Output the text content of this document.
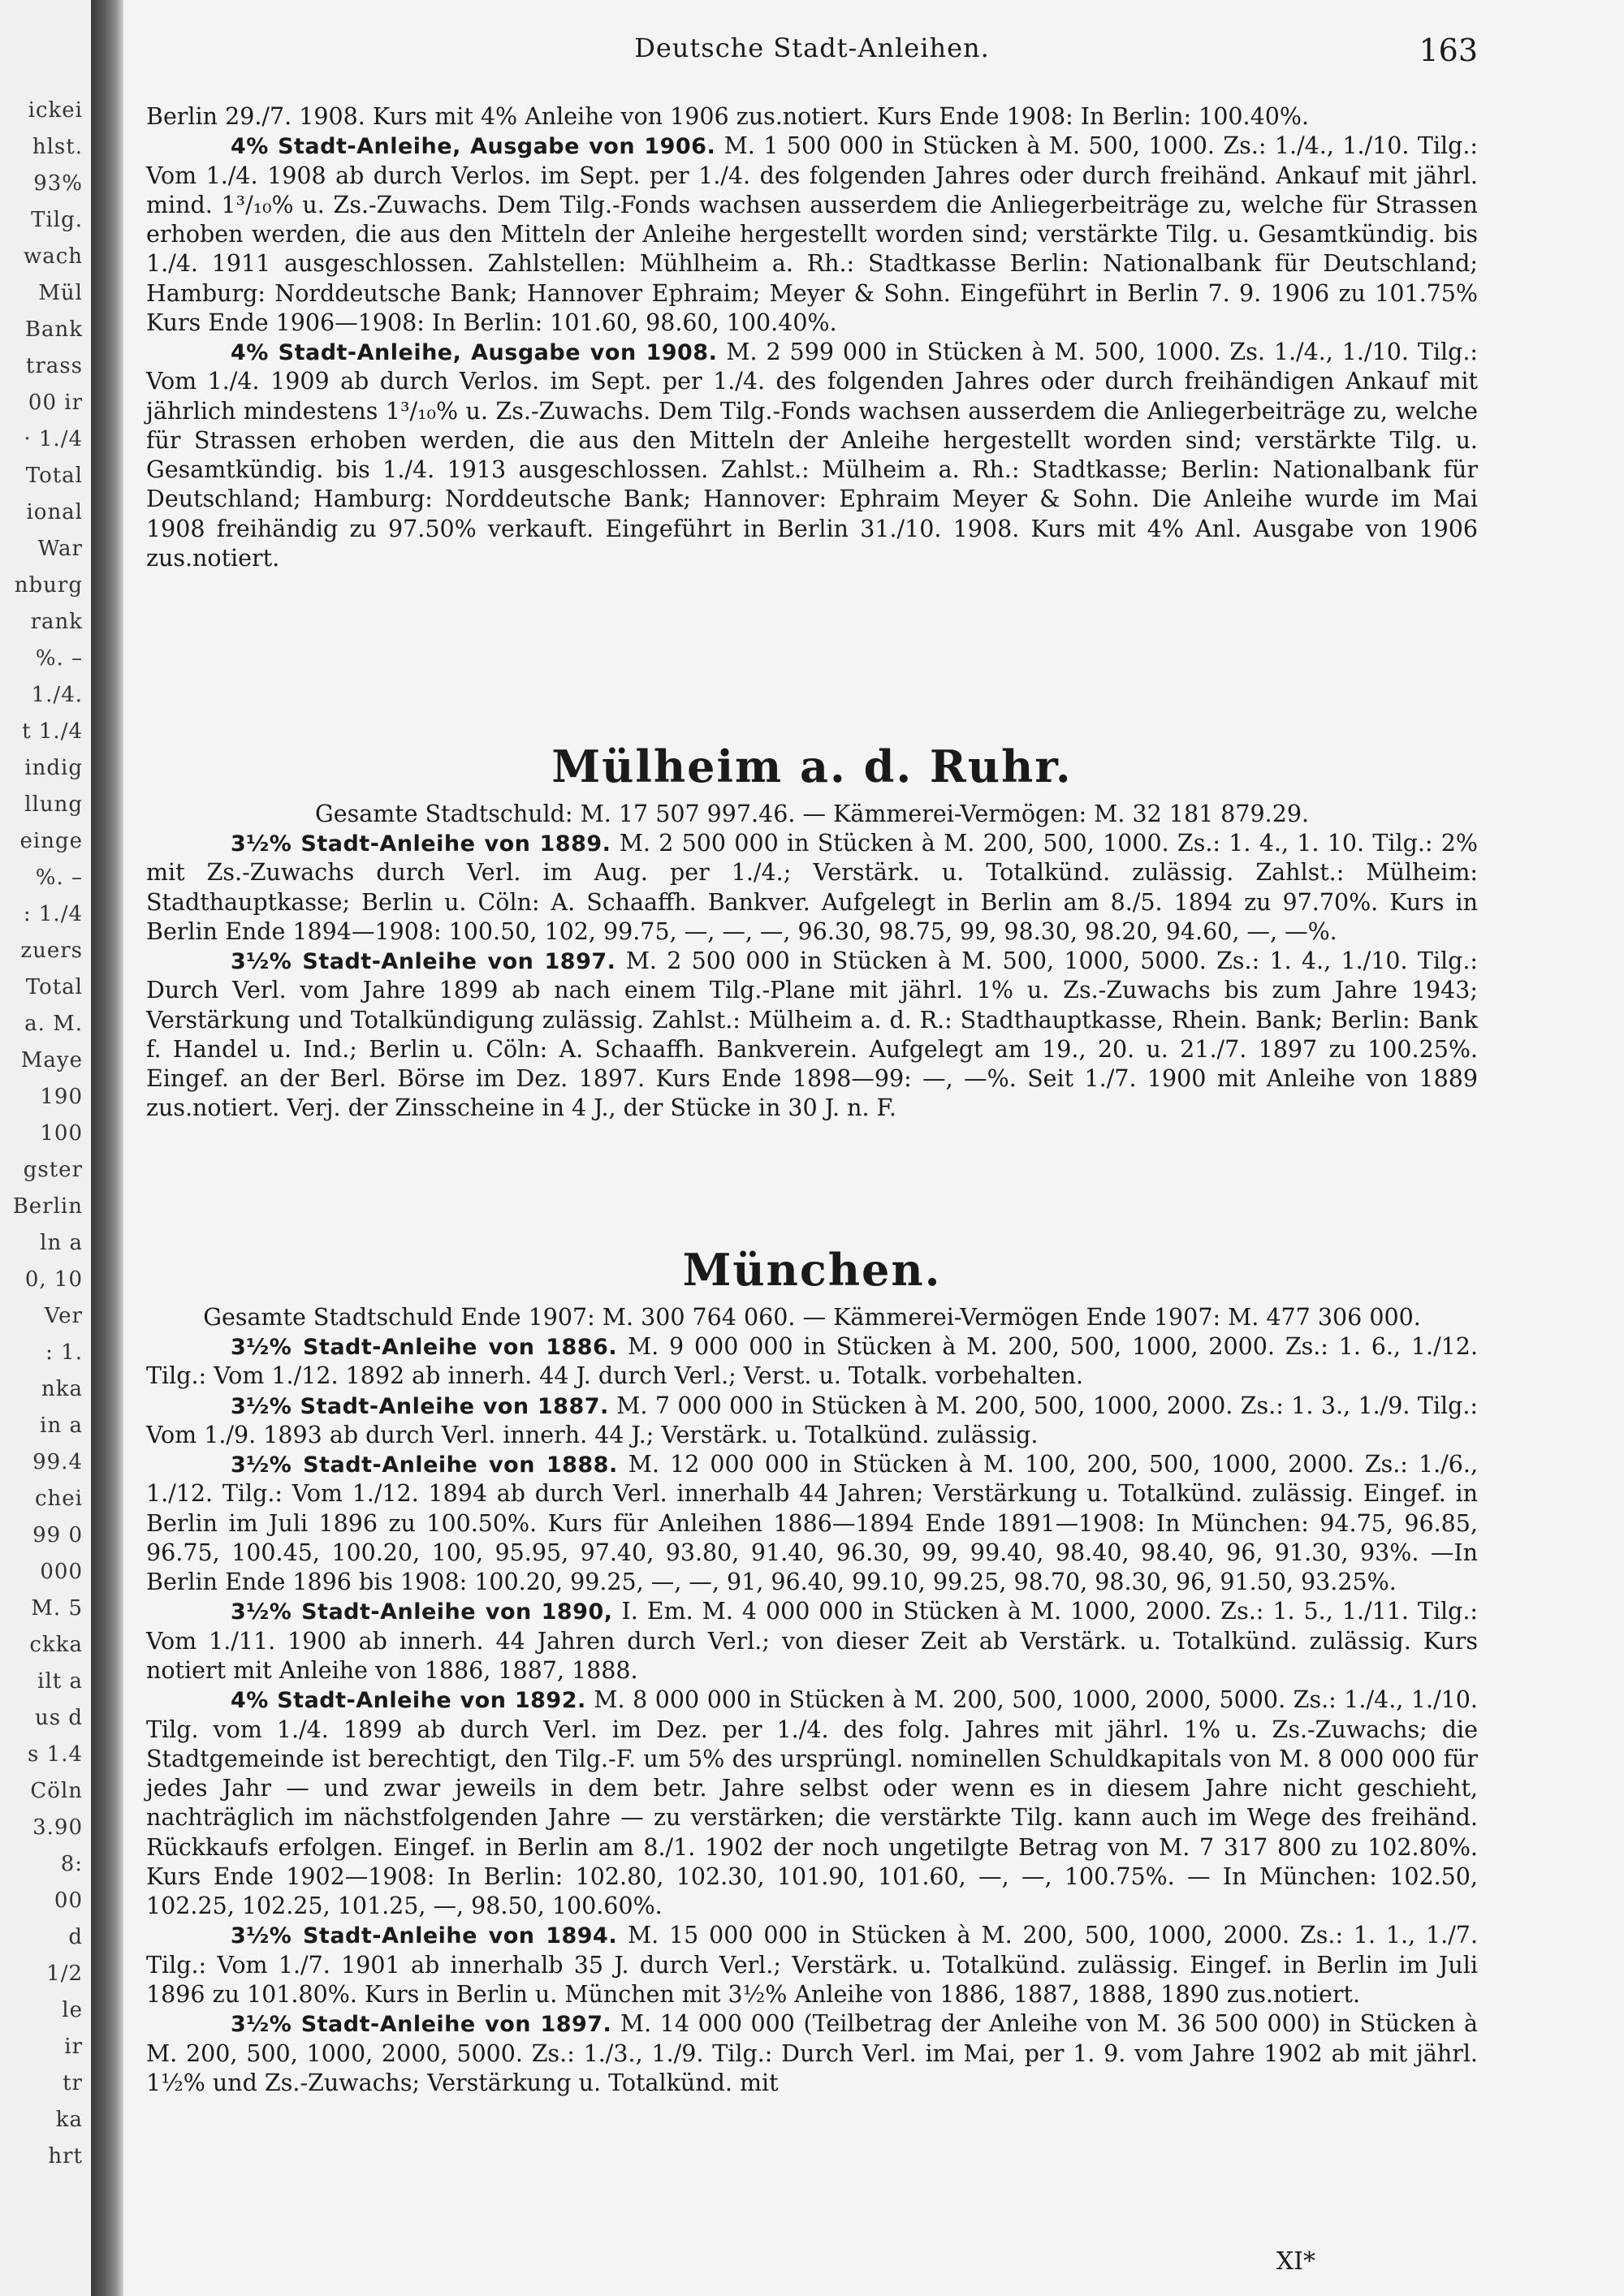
ickei
hlst.
93%
Tilg.
wach
Mül
Bank
trass
00 ir
· 1./4
Total
ional
War
nburg
rank
%. –
1./4.
t 1./4
indig
llung
einge
%. –
: 1./4
zuers
Total
a. M.
Maye
190
100
gster
Berlin
ln a
0, 10
Ver
: 1.
nka
in a
99.4
chei
99 0
000
M. 5
ckka
ilt a
us d
s 1.4
Cöln
3.90
8:
00
d
1/2
le
ir
tr
ka
hrt
Deutsche Stadt-Anleihen.	163

Berlin 29./7. 1908. Kurs mit 4% Anleihe von 1906 zus.notiert. Kurs Ende 1908: In Berlin: 100.40%.

4% Stadt-Anleihe, Ausgabe von 1906. M. 1 500 000 in Stücken à M. 500, 1000. Zs.: 1./4., 1./10. Tilg.: Vom 1./4. 1908 ab durch Verlos. im Sept. per 1./4. des folgenden Jahres oder durch freihänd. Ankauf mit jährl. mind. 1³/₁₀% u. Zs.-Zuwachs. Dem Tilg.-Fonds wachsen ausserdem die Anliegerbeiträge zu, welche für Strassen erhoben werden, die aus den Mitteln der Anleihe hergestellt worden sind; verstärkte Tilg. u. Gesamtkündig. bis 1./4. 1911 ausgeschlossen. Zahlstellen: Mühlheim a. Rh.: Stadtkasse Berlin: Nationalbank für Deutschland; Hamburg: Norddeutsche Bank; Hannover Ephraim; Meyer & Sohn. Eingeführt in Berlin 7. 9. 1906 zu 101.75% Kurs Ende 1906—1908: In Berlin: 101.60, 98.60, 100.40%.

4% Stadt-Anleihe, Ausgabe von 1908. M. 2 599 000 in Stücken à M. 500, 1000. Zs. 1./4., 1./10. Tilg.: Vom 1./4. 1909 ab durch Verlos. im Sept. per 1./4. des folgenden Jahres oder durch freihändigen Ankauf mit jährlich mindestens 1³/₁₀% u. Zs.-Zuwachs. Dem Tilg.-Fonds wachsen ausserdem die Anliegerbeiträge zu, welche für Strassen erhoben werden, die aus den Mitteln der Anleihe hergestellt worden sind; verstärkte Tilg. u. Gesamtkündig. bis 1./4. 1913 ausgeschlossen. Zahlst.: Mülheim a. Rh.: Stadtkasse; Berlin: Nationalbank für Deutschland; Hamburg: Norddeutsche Bank; Hannover: Ephraim Meyer & Sohn. Die Anleihe wurde im Mai 1908 freihändig zu 97.50% verkauft. Eingeführt in Berlin 31./10. 1908. Kurs mit 4% Anl. Ausgabe von 1906 zus.notiert.

Mülheim a. d. Ruhr.

Gesamte Stadtschuld: M. 17 507 997.46. — Kämmerei-Vermögen: M. 32 181 879.29.

3½% Stadt-Anleihe von 1889. M. 2 500 000 in Stücken à M. 200, 500, 1000. Zs.: 1. 4., 1. 10. Tilg.: 2% mit Zs.-Zuwachs durch Verl. im Aug. per 1./4.; Verstärk. u. Totalkünd. zulässig. Zahlst.: Mülheim: Stadthauptkasse; Berlin u. Cöln: A. Schaaffh. Bankver. Aufgelegt in Berlin am 8./5. 1894 zu 97.70%. Kurs in Berlin Ende 1894—1908: 100.50, 102, 99.75, —, —, —, 96.30, 98.75, 99, 98.30, 98.20, 94.60, —, —%.

3½% Stadt-Anleihe von 1897. M. 2 500 000 in Stücken à M. 500, 1000, 5000. Zs.: 1. 4., 1./10. Tilg.: Durch Verl. vom Jahre 1899 ab nach einem Tilg.-Plane mit jährl. 1% u. Zs.-Zuwachs bis zum Jahre 1943; Verstärkung und Totalkündigung zulässig. Zahlst.: Mülheim a. d. R.: Stadthauptkasse, Rhein. Bank; Berlin: Bank f. Handel u. Ind.; Berlin u. Cöln: A. Schaaffh. Bankverein. Aufgelegt am 19., 20. u. 21./7. 1897 zu 100.25%. Eingef. an der Berl. Börse im Dez. 1897. Kurs Ende 1898—99: —, —%. Seit 1./7. 1900 mit Anleihe von 1889 zus.notiert. Verj. der Zinsscheine in 4 J., der Stücke in 30 J. n. F.

München.

Gesamte Stadtschuld Ende 1907: M. 300 764 060. — Kämmerei-Vermögen Ende 1907: M. 477 306 000.

3½% Stadt-Anleihe von 1886. M. 9 000 000 in Stücken à M. 200, 500, 1000, 2000. Zs.: 1. 6., 1./12. Tilg.: Vom 1./12. 1892 ab innerh. 44 J. durch Verl.; Verst. u. Totalk. vorbehalten.

3½% Stadt-Anleihe von 1887. M. 7 000 000 in Stücken à M. 200, 500, 1000, 2000. Zs.: 1. 3., 1./9. Tilg.: Vom 1./9. 1893 ab durch Verl. innerh. 44 J.; Verstärk. u. Totalkünd. zulässig.

3½% Stadt-Anleihe von 1888. M. 12 000 000 in Stücken à M. 100, 200, 500, 1000, 2000. Zs.: 1./6., 1./12. Tilg.: Vom 1./12. 1894 ab durch Verl. innerhalb 44 Jahren; Verstärkung u. Totalkünd. zulässig. Eingef. in Berlin im Juli 1896 zu 100.50%. Kurs für Anleihen 1886—1894 Ende 1891—1908: In München: 94.75, 96.85, 96.75, 100.45, 100.20, 100, 95.95, 97.40, 93.80, 91.40, 96.30, 99, 99.40, 98.40, 98.40, 96, 91.30, 93%. —In Berlin Ende 1896 bis 1908: 100.20, 99.25, —, —, 91, 96.40, 99.10, 99.25, 98.70, 98.30, 96, 91.50, 93.25%.

3½% Stadt-Anleihe von 1890, I. Em. M. 4 000 000 in Stücken à M. 1000, 2000. Zs.: 1. 5., 1./11. Tilg.: Vom 1./11. 1900 ab innerh. 44 Jahren durch Verl.; von dieser Zeit ab Verstärk. u. Totalkünd. zulässig. Kurs notiert mit Anleihe von 1886, 1887, 1888.

4% Stadt-Anleihe von 1892. M. 8 000 000 in Stücken à M. 200, 500, 1000, 2000, 5000. Zs.: 1./4., 1./10. Tilg. vom 1./4. 1899 ab durch Verl. im Dez. per 1./4. des folg. Jahres mit jährl. 1% u. Zs.-Zuwachs; die Stadtgemeinde ist berechtigt, den Tilg.-F. um 5% des ursprüngl. nominellen Schuldkapitals von M. 8 000 000 für jedes Jahr — und zwar jeweils in dem betr. Jahre selbst oder wenn es in diesem Jahre nicht geschieht, nachträglich im nächstfolgenden Jahre — zu verstärken; die verstärkte Tilg. kann auch im Wege des freihänd. Rückkaufs erfolgen. Eingef. in Berlin am 8./1. 1902 der noch ungetilgte Betrag von M. 7 317 800 zu 102.80%. Kurs Ende 1902—1908: In Berlin: 102.80, 102.30, 101.90, 101.60, —, —, 100.75%. — In München: 102.50, 102.25, 102.25, 101.25, —, 98.50, 100.60%.

3½% Stadt-Anleihe von 1894. M. 15 000 000 in Stücken à M. 200, 500, 1000, 2000. Zs.: 1. 1., 1./7. Tilg.: Vom 1./7. 1901 ab innerhalb 35 J. durch Verl.; Verstärk. u. Totalkünd. zulässig. Eingef. in Berlin im Juli 1896 zu 101.80%. Kurs in Berlin u. München mit 3½% Anleihe von 1886, 1887, 1888, 1890 zus.notiert.

3½% Stadt-Anleihe von 1897. M. 14 000 000 (Teilbetrag der Anleihe von M. 36 500 000) in Stücken à M. 200, 500, 1000, 2000, 5000. Zs.: 1./3., 1./9. Tilg.: Durch Verl. im Mai, per 1. 9. vom Jahre 1902 ab mit jährl. 1½% und Zs.-Zuwachs; Verstärkung u. Totalkünd. mit

XI*
